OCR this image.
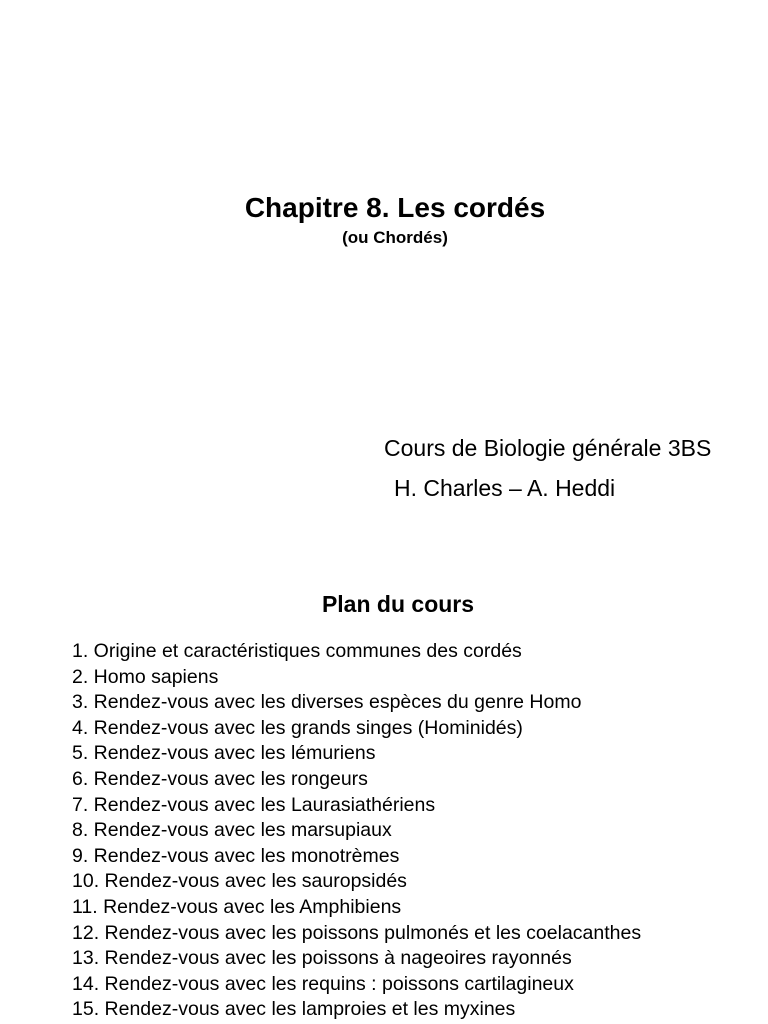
Chapitre 8. Les cordés
(ou Chordés)
Cours de Biologie générale 3BS
H. Charles – A. Heddi
Plan du cours
1. Origine et caractéristiques communes des cordés
2. Homo sapiens
3. Rendez-vous avec les diverses espèces du genre Homo
4. Rendez-vous avec les grands singes (Hominidés)
5. Rendez-vous avec les lémuriens
6. Rendez-vous avec les rongeurs
7. Rendez-vous avec les Laurasiathériens
8. Rendez-vous avec les marsupiaux
9. Rendez-vous avec les monotrèmes
10. Rendez-vous avec les sauropsidés
11. Rendez-vous avec les Amphibiens
12. Rendez-vous avec les poissons pulmonés et les coelacanthes
13. Rendez-vous avec les poissons à nageoires rayonnés
14. Rendez-vous avec les requins : poissons cartilagineux
15. Rendez-vous avec les lamproies et les myxines
